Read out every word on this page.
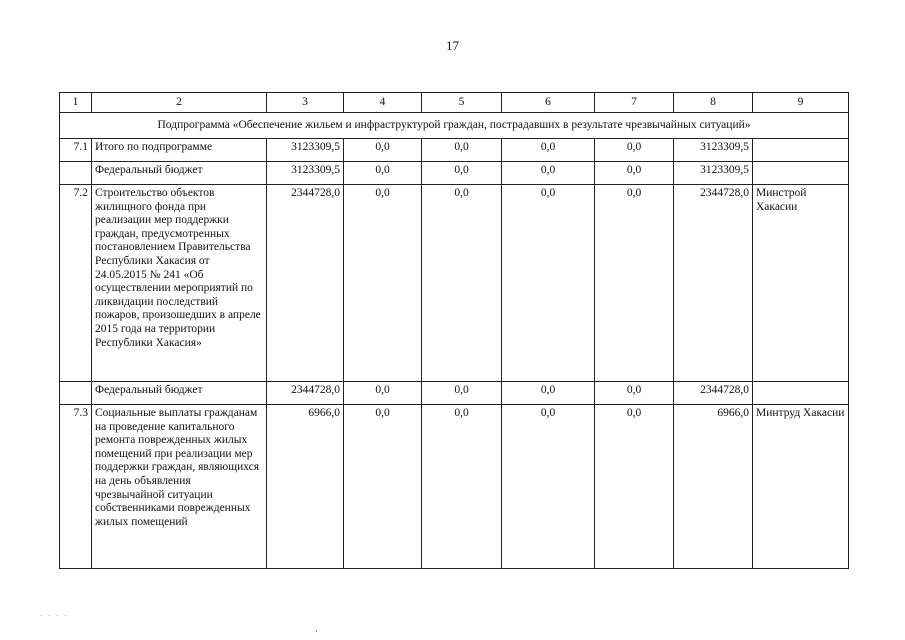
17
1	2	3	4	5	6	7	8	9
Подпрограмма «Обеспечение жильем и инфраструктурой граждан, пострадавших в результате чрезвычайных ситуаций»								
7.1	Итого по подпрограмме	3123309,5	0,0	0,0	0,0	0,0	3123309,5	
	Федеральный бюджет	3123309,5	0,0	0,0	0,0	0,0	3123309,5	
7.2	Строительство объектов жилищного фонда при реализации мер поддержки граждан, предусмотренных постановлением Правительства Республики Хакасия от 24.05.2015 № 241 «Об осуществлении мероприятий по ликвидации последствий пожаров, произошедших в апреле 2015 года на территории Республики Хакасия»	2344728,0	0,0	0,0	0,0	0,0	2344728,0	Минстрой Хакасии
	Федеральный бюджет	2344728,0	0,0	0,0	0,0	0,0	2344728,0	
7.3	Социальные выплаты гражданам на проведение капитального ремонта поврежденных жилых помещений при реализации мер поддержки граждан, являющихся на день объявления чрезвычайной ситуации собственниками поврежденных жилых помещений	6966,0	0,0	0,0	0,0	0,0	6966,0	Минтруд Хакасии
· · · ·
